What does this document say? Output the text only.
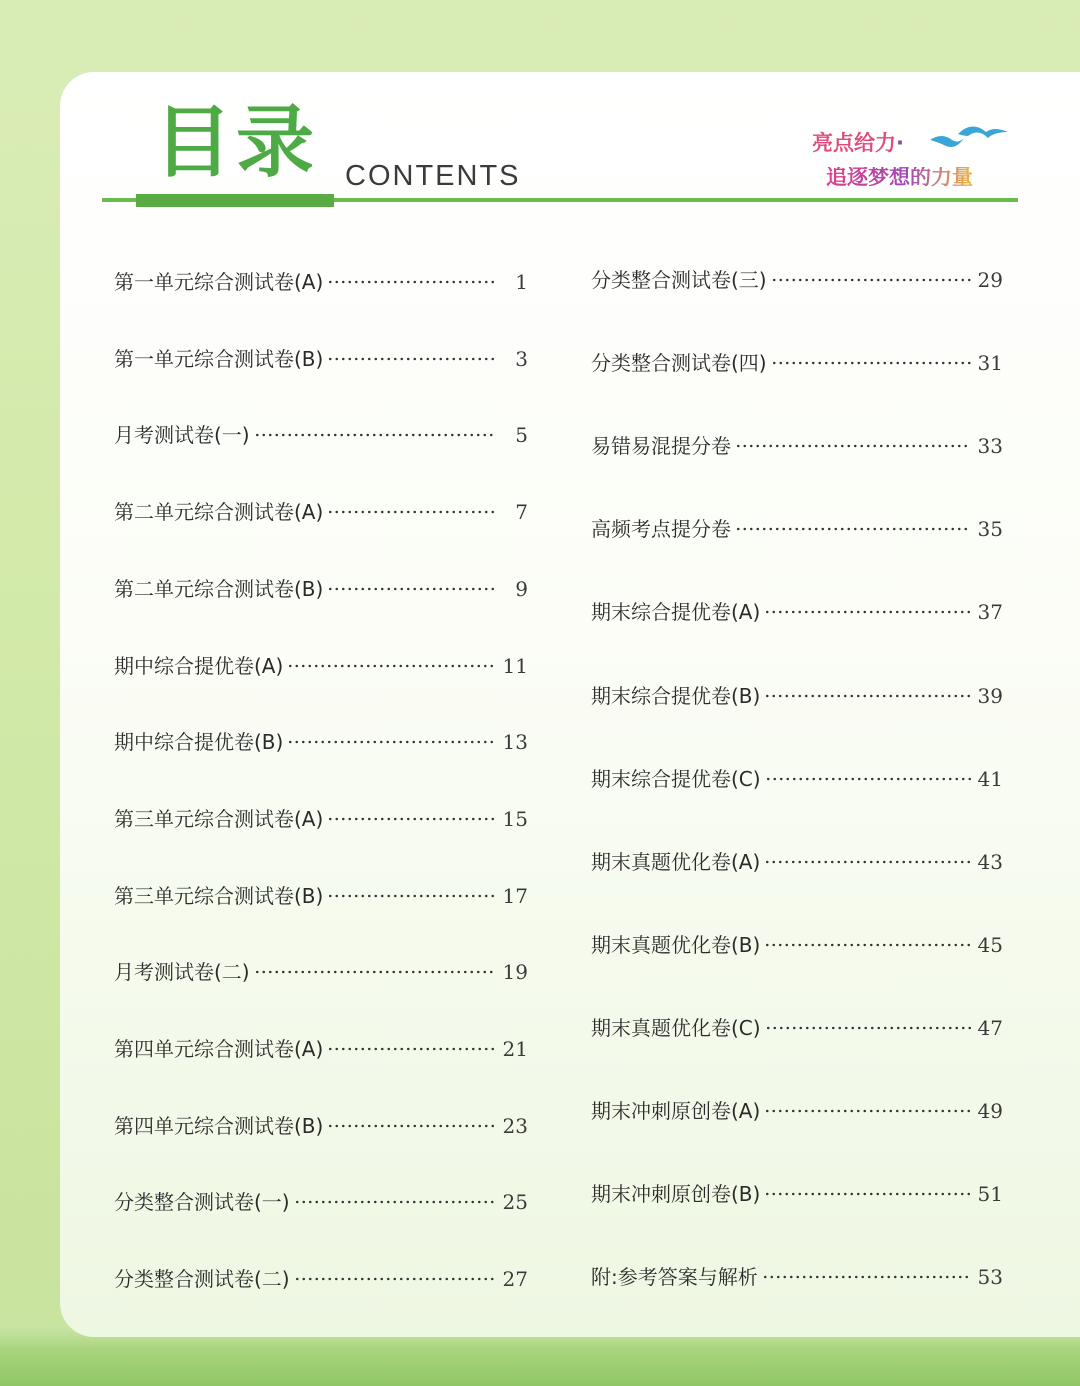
目录 CONTENTS
亮点给力·
追逐梦想的力量
第一单元综合测试卷(A)	1
第一单元综合测试卷(B)	3
月考测试卷(一)	5
第二单元综合测试卷(A)	7
第二单元综合测试卷(B)	9
期中综合提优卷(A)	11
期中综合提优卷(B)	13
第三单元综合测试卷(A)	15
第三单元综合测试卷(B)	17
月考测试卷(二)	19
第四单元综合测试卷(A)	21
第四单元综合测试卷(B)	23
分类整合测试卷(一)	25
分类整合测试卷(二)	27
分类整合测试卷(三)	29
分类整合测试卷(四)	31
易错易混提分卷	33
高频考点提分卷	35
期末综合提优卷(A)	37
期末综合提优卷(B)	39
期末综合提优卷(C)	41
期末真题优化卷(A)	43
期末真题优化卷(B)	45
期末真题优化卷(C)	47
期末冲刺原创卷(A)	49
期末冲刺原创卷(B)	51
附:参考答案与解析	53
